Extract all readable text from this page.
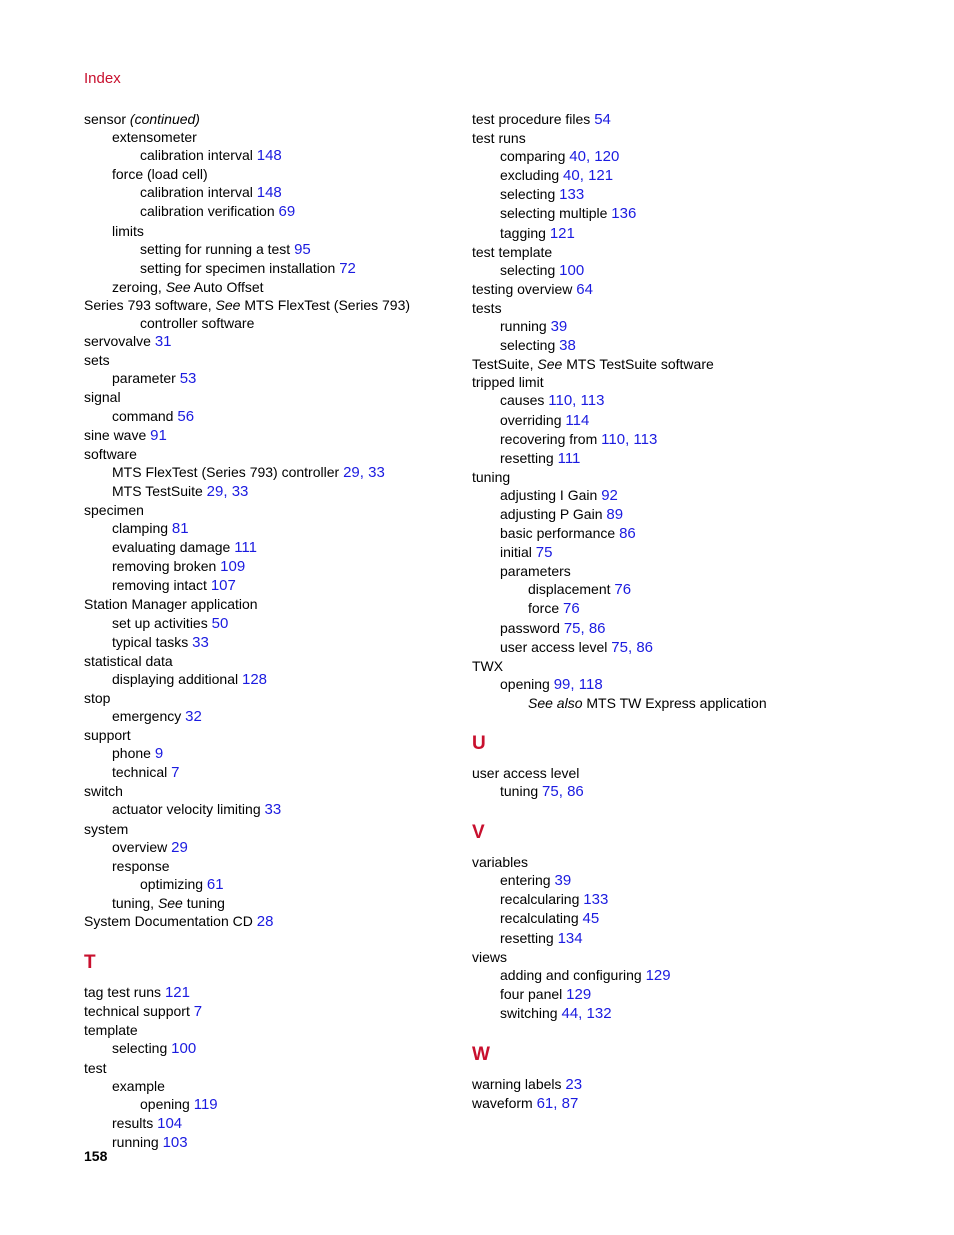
Index
sensor (continued)
extensometer
calibration interval 148
force (load cell)
calibration interval 148
calibration verification 69
limits
setting for running a test 95
setting for specimen installation 72
zeroing, See Auto Offset
Series 793 software, See MTS FlexTest (Series 793)
controller software
servovalve 31
sets
parameter 53
signal
command 56
sine wave 91
software
MTS FlexTest (Series 793) controller 29, 33
MTS TestSuite 29, 33
specimen
clamping 81
evaluating damage 111
removing broken 109
removing intact 107
Station Manager application
set up activities 50
typical tasks 33
statistical data
displaying additional 128
stop
emergency 32
support
phone 9
technical 7
switch
actuator velocity limiting 33
system
overview 29
response
optimizing 61
tuning, See tuning
System Documentation CD 28
T
tag test runs 121
technical support 7
template
selecting 100
test
example
opening 119
results 104
running 103
test procedure files 54
test runs
comparing 40, 120
excluding 40, 121
selecting 133
selecting multiple 136
tagging 121
test template
selecting 100
testing overview 64
tests
running 39
selecting 38
TestSuite, See MTS TestSuite software
tripped limit
causes 110, 113
overriding 114
recovering from 110, 113
resetting 111
tuning
adjusting I Gain 92
adjusting P Gain 89
basic performance 86
initial 75
parameters
displacement 76
force 76
password 75, 86
user access level 75, 86
TWX
opening 99, 118
See also MTS TW Express application
U
user access level
tuning 75, 86
V
variables
entering 39
recalcularing 133
recalculating 45
resetting 134
views
adding and configuring 129
four panel 129
switching 44, 132
W
warning labels 23
waveform 61, 87
158
